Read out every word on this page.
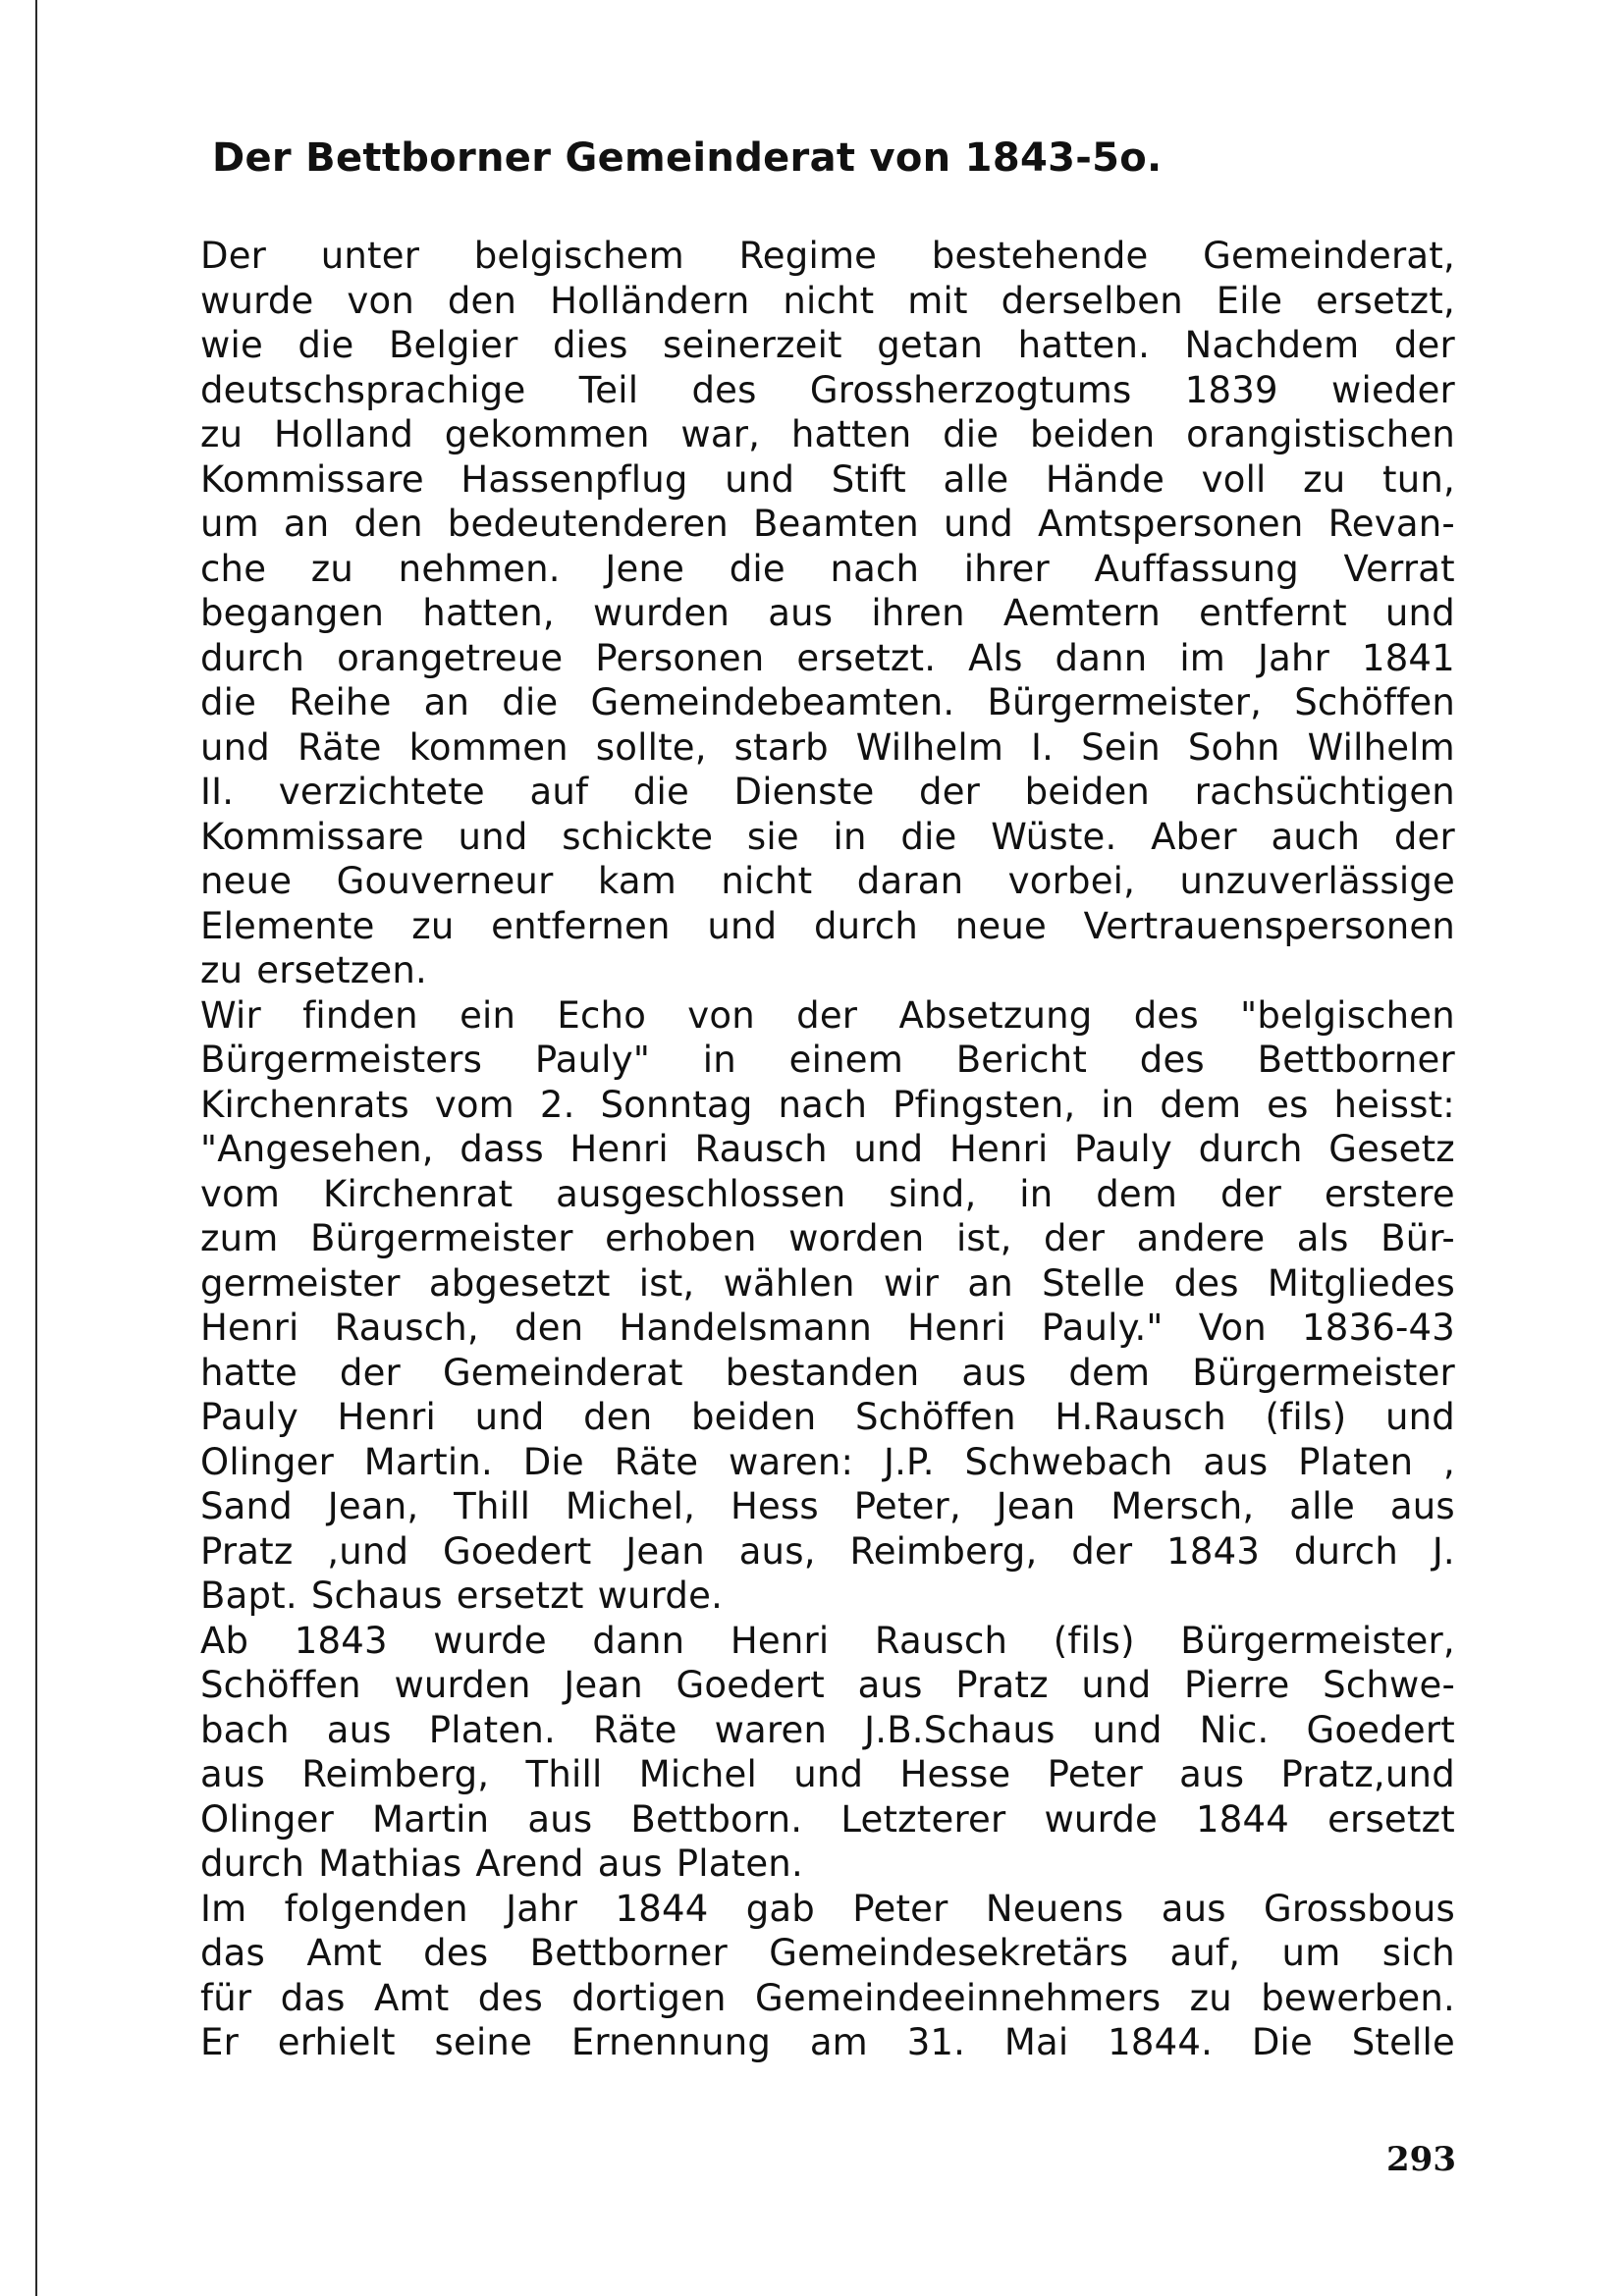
Der Bettborner Gemeinderat von 1843-5o.
Der unter belgischem Regime bestehende Gemeinderat,
wurde von den Holländern nicht mit derselben Eile ersetzt,
wie die Belgier dies seinerzeit getan hatten. Nachdem der
deutschsprachige Teil des Grossherzogtums 1839 wieder
zu Holland gekommen war, hatten die beiden orangistischen
Kommissare Hassenpflug und Stift alle Hände voll zu tun,
um an den bedeutenderen Beamten und Amtspersonen Revan-
che zu nehmen. Jene die nach ihrer Auffassung Verrat
begangen hatten, wurden aus ihren Aemtern entfernt und
durch orangetreue Personen ersetzt. Als dann im Jahr 1841
die Reihe an die Gemeindebeamten. Bürgermeister, Schöffen
und Räte kommen sollte, starb Wilhelm I. Sein Sohn Wilhelm
II. verzichtete auf die Dienste der beiden rachsüchtigen
Kommissare und schickte sie in die Wüste. Aber auch der
neue Gouverneur kam nicht daran vorbei, unzuverlässige
Elemente zu entfernen und durch neue Vertrauenspersonen
zu ersetzen.
Wir finden ein Echo von der Absetzung des "belgischen
Bürgermeisters Pauly" in einem Bericht des Bettborner
Kirchenrats vom 2. Sonntag nach Pfingsten, in dem es heisst:
"Angesehen, dass Henri Rausch und Henri Pauly durch Gesetz
vom Kirchenrat ausgeschlossen sind, in dem der erstere
zum Bürgermeister erhoben worden ist, der andere als Bür-
germeister abgesetzt ist, wählen wir an Stelle des Mitgliedes
Henri Rausch, den Handelsmann Henri Pauly." Von 1836-43
hatte der Gemeinderat bestanden aus dem Bürgermeister
Pauly Henri und den beiden Schöffen H.Rausch (fils) und
Olinger Martin. Die Räte waren: J.P. Schwebach aus Platen ,
Sand Jean, Thill Michel, Hess Peter, Jean Mersch, alle aus
Pratz ,und Goedert Jean aus, Reimberg, der 1843 durch J.
Bapt. Schaus ersetzt wurde.
Ab 1843 wurde dann Henri Rausch (fils) Bürgermeister,
Schöffen wurden Jean Goedert aus Pratz und Pierre Schwe-
bach aus Platen. Räte waren J.B.Schaus und Nic. Goedert
aus Reimberg, Thill Michel und Hesse Peter aus Pratz,und
Olinger Martin aus Bettborn. Letzterer wurde 1844 ersetzt
durch Mathias Arend aus Platen.
Im folgenden Jahr 1844 gab Peter Neuens aus Grossbous
das Amt des Bettborner Gemeindesekretärs auf, um sich
für das Amt des dortigen Gemeindeeinnehmers zu bewerben.
Er erhielt seine Ernennung am 31. Mai 1844. Die Stelle
293
